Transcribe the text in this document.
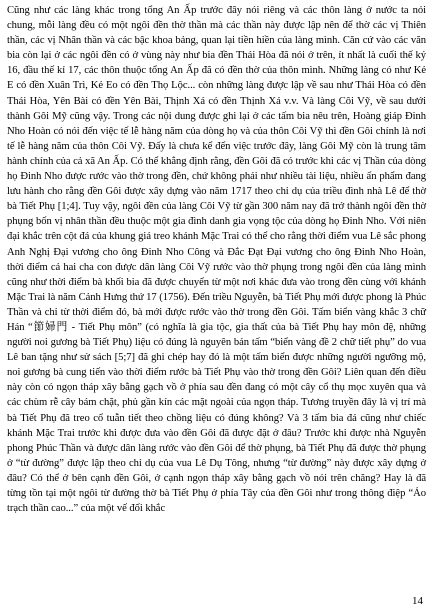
Cũng như các làng khác trong tổng An Ấp trước đây nói riêng và các thôn làng ở nước ta nói chung, mỗi làng đều có một ngôi đền thờ thần mà các thần này được lập nên để thờ các vị Thiên thần, các vị Nhân thần và các bậc khoa bảng, quan lại tiền hiền của làng mình. Căn cứ vào các văn bia còn lại ở các ngôi đền có ở vùng này như bia đền Thái Hòa đã nói ở trên, ít nhất là cuối thế kỷ 16, đầu thế kỉ 17, các thôn thuộc tổng An Ấp đã có đền thờ của thôn mình. Những làng có như Kẻ E có đền Xuân Trì, Kẻ Eo có đền Thọ Lộc... còn những làng được lập về sau như Thái Hòa có đền Thái Hòa, Yên Bài có đền Yên Bài, Thịnh Xá có đền Thịnh Xá v.v. Và làng Côi Vỹ, về sau dưới thành Gôi Mỹ cũng vậy. Trong các nội dung được ghi lại ở các tấm bia nêu trên, Hoàng giáp Đinh Nho Hoàn có nói đến việc tế lễ hàng năm của dòng họ và của thôn Côi Vỹ thì đền Gôi chính là nơi tế lễ hàng năm của thôn Côi Vỹ. Đấy là chưa kể đến việc trước đây, làng Gôi Mỹ còn là trung tâm hành chính của cả xã An Ấp. Có thể khẳng định rằng, đền Gôi đã có trước khi các vị Thần của dòng họ Đinh Nho được rước vào thờ trong đền, chứ không phải như nhiều tài liệu, nhiều ấn phẩm đang lưu hành cho rằng đền Gôi được xây dựng vào năm 1717 theo chỉ dụ của triều đình nhà Lê để thờ bà Tiết Phụ [1;4]. Tuy vậy, ngôi đền của làng Côi Vỹ từ gần 300 năm nay đã trở thành ngôi đền thờ phụng bốn vị nhân thần đều thuộc một gia đình danh gia vọng tộc của dòng họ Đinh Nho. Với niên đại khắc trên cột đá của khung giá treo khánh Mặc Trai có thể cho rằng thời điểm vua Lê sắc phong Anh Nghị Đại vương cho ông Đinh Nho Công và Đắc Đạt Đại vương cho ông Đinh Nho Hoàn, thời điểm cả hai cha con được dân làng Côi Vỹ rước vào thờ phụng trong ngôi đền của làng mình cũng như thời điểm bà khối bia đã được chuyển từ một nơi khác đưa vào trong đền cùng với khánh Mặc Trai là năm Cảnh Hưng thứ 17 (1756). Đến triều Nguyễn, bà Tiết Phụ mới được phong là Phúc Thần và chỉ từ thời điểm đó, bà mới được rước vào thờ trong đền Gôi. Tấm biển vàng khắc 3 chữ Hán “節婦門 - Tiết Phụ môn” (có nghĩa là gia tộc, gia thất của bà Tiết Phụ hay môn đệ, những người noi gương bà Tiết Phụ) liệu có đúng là nguyên bản tấm “biển vàng đề 2 chữ tiết phụ” do vua Lê ban tặng như sử sách [5;7] đã ghi chép hay đó là một tấm biển được những người ngưỡng mộ, noi gương bà cung tiến vào thời điểm rước bà Tiết Phụ vào thờ trong đền Gôi? Liên quan đến điều này còn có ngọn tháp xây bằng gạch vồ ở phía sau đền đang có một cây cổ thụ mọc xuyên qua và các chùm rễ cây bám chặt, phủ gần kín các mặt ngoài của ngọn tháp. Tương truyền đây là vị trí mà bà Tiết Phụ đã treo cổ tuẫn tiết theo chồng liệu có đúng không? Và 3 tấm bia đá cũng như chiếc khánh Mặc Trai trước khi được đưa vào đền Gôi đã được đặt ở đâu? Trước khi được nhà Nguyễn phong Phúc Thần và được dân làng rước vào đền Gôi để thờ phụng, bà Tiết Phụ đã được thờ phụng ở “từ đường” được lập theo chỉ dụ của vua Lê Dụ Tông, nhưng “từ đường” này được xây dựng ở đâu? Có thể ở bên cạnh đền Gôi, ở cạnh ngọn tháp xây bằng gạch vồ nói trên chăng? Hay là đã từng tồn tại một ngôi từ đường thờ bà Tiết Phụ ở phía Tây của đền Gôi như trong thông điệp “Ảo trạch thần cao...” của một vế đối khắc

14
